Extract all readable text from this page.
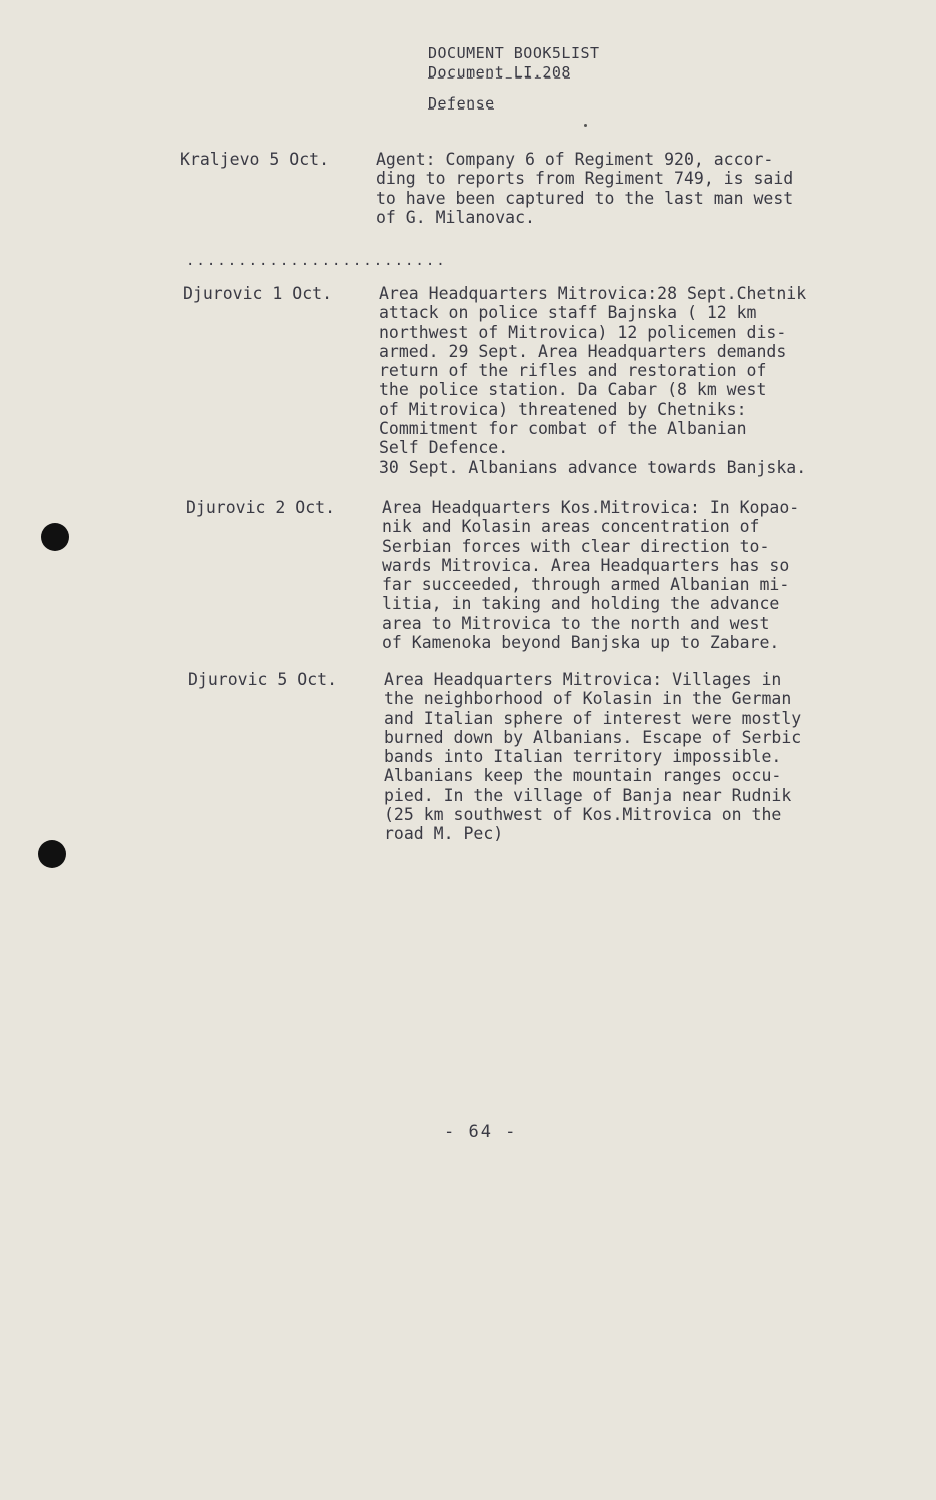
DOCUMENT BOOK5LIST
Document LI.208
Defense
Kraljevo 5 Oct.	Agent: Company 6 of Regiment 920, accor-
ding to reports from Regiment 749, is said
to have been captured to the last man west
of G. Milanovac.
.........................
Djurovic 1 Oct.	Area Headquarters Mitrovica:28 Sept.Chetnik
attack on police staff Bajnska ( 12 km
northwest of Mitrovica) 12 policemen dis-
armed. 29 Sept. Area Headquarters demands
return of the rifles and restoration of
the police station. Da Cabar (8 km west
of Mitrovica) threatened by Chetniks:
Commitment for combat of the Albanian
Self Defence.
30 Sept. Albanians advance towards Banjska.
Djurovic 2 Oct.	Area Headquarters Kos.Mitrovica: In Kopao-
nik and Kolasin areas concentration of
Serbian forces with clear direction to-
wards Mitrovica. Area Headquarters has so
far succeeded, through armed Albanian mi-
litia, in taking and holding the advance
area to Mitrovica to the north and west
of Kamenoka beyond Banjska up to Zabare.
Djurovic 5 Oct.	Area Headquarters Mitrovica: Villages in
the neighborhood of Kolasin in the German
and Italian sphere of interest were mostly
burned down by Albanians. Escape of Serbic
bands into Italian territory impossible.
Albanians keep the mountain ranges occu-
pied. In the village of Banja near Rudnik
(25 km southwest of Kos.Mitrovica on the
road M. Pec)
- 64 -
